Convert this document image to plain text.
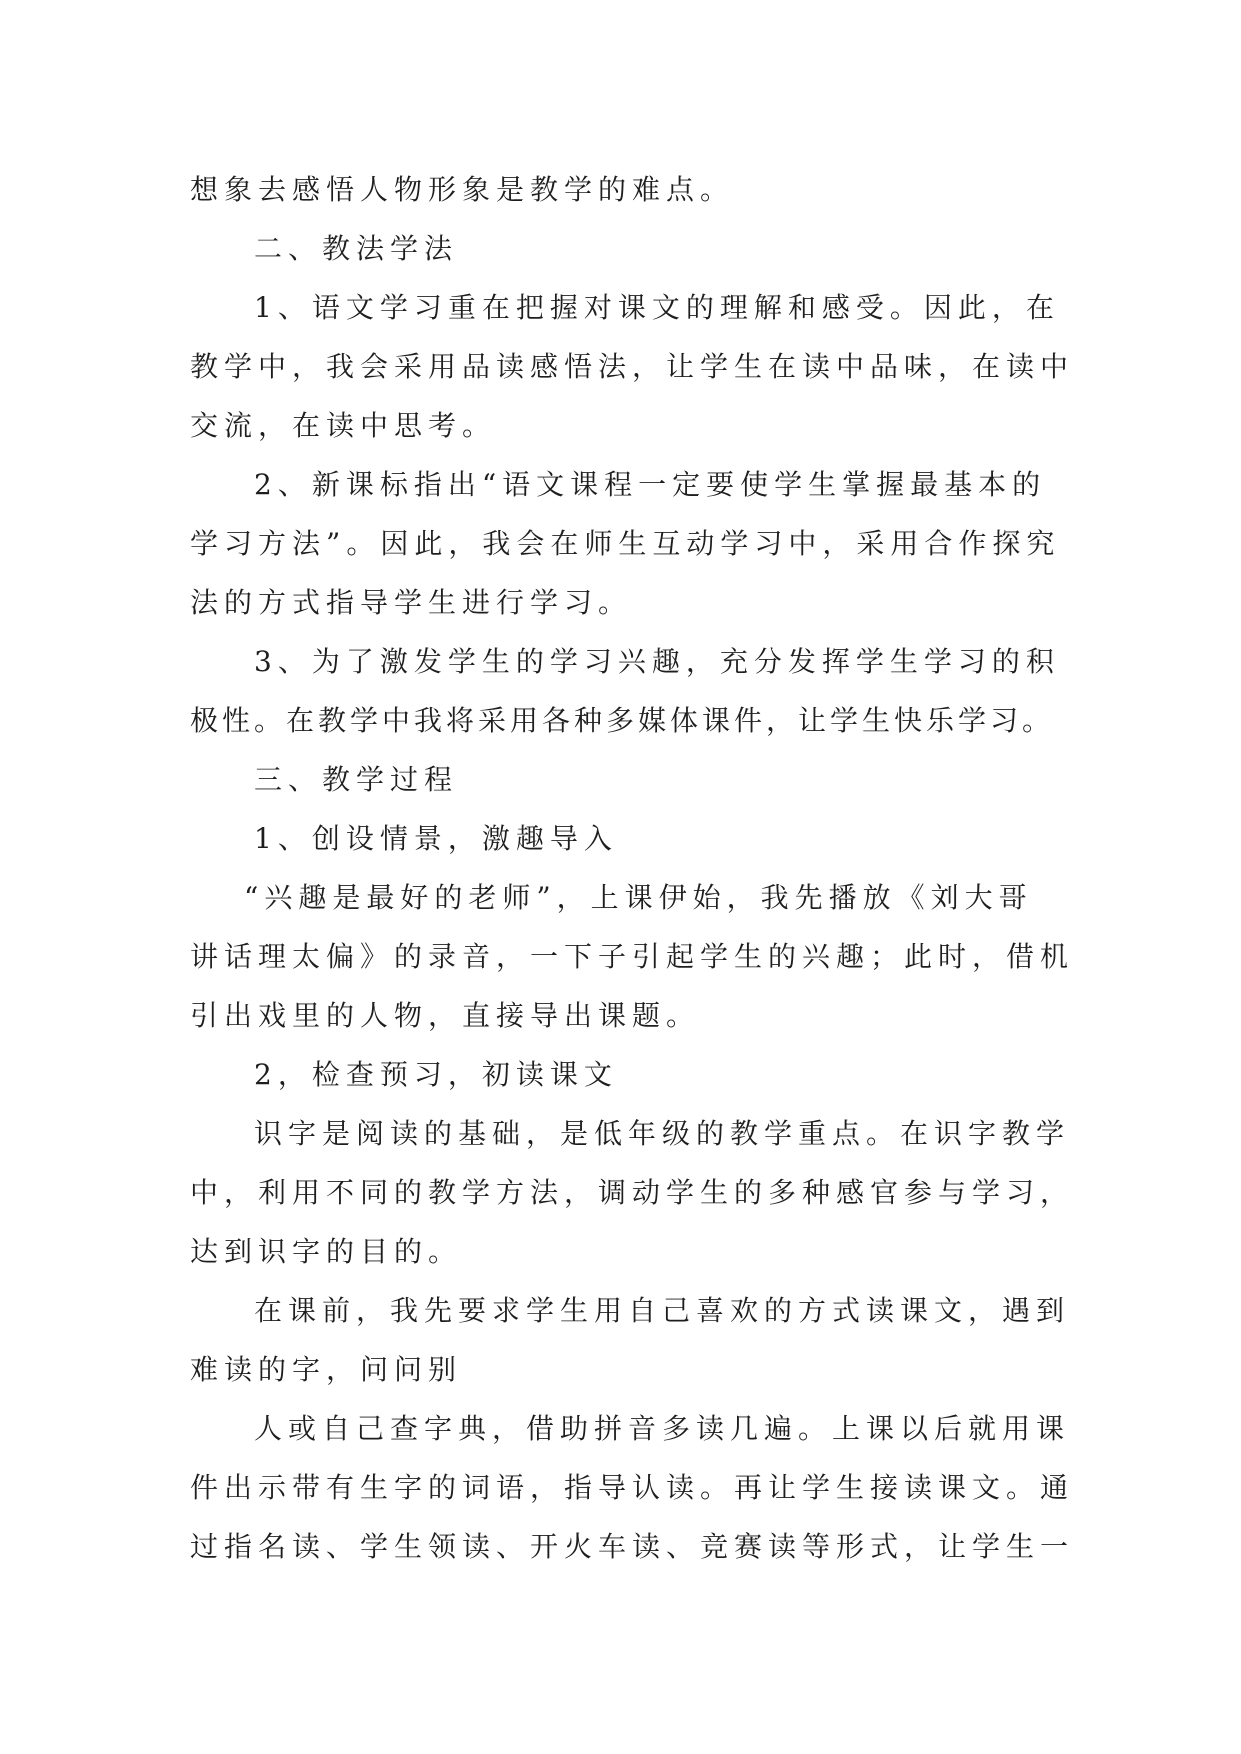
想象去感悟人物形象是教学的难点。
二、教法学法
1、语文学习重在把握对课文的理解和感受。因此，在
教学中，我会采用品读感悟法，让学生在读中品味，在读中
交流，在读中思考。
2、新课标指出“语文课程一定要使学生掌握最基本的
学习方法”。因此，我会在师生互动学习中，采用合作探究
法的方式指导学生进行学习。
3、为了激发学生的学习兴趣，充分发挥学生学习的积
极性。在教学中我将采用各种多媒体课件，让学生快乐学习。
三、教学过程
1、创设情景，激趣导入
“兴趣是最好的老师”，上课伊始，我先播放《刘大哥
讲话理太偏》的录音，一下子引起学生的兴趣；此时，借机
引出戏里的人物，直接导出课题。
2，检查预习，初读课文
识字是阅读的基础，是低年级的教学重点。在识字教学
中，利用不同的教学方法，调动学生的多种感官参与学习，
达到识字的目的。
在课前，我先要求学生用自己喜欢的方式读课文，遇到
难读的字，问问别
人或自己查字典，借助拼音多读几遍。上课以后就用课
件出示带有生字的词语，指导认读。再让学生接读课文。通
过指名读、学生领读、开火车读、竞赛读等形式，让学生一
